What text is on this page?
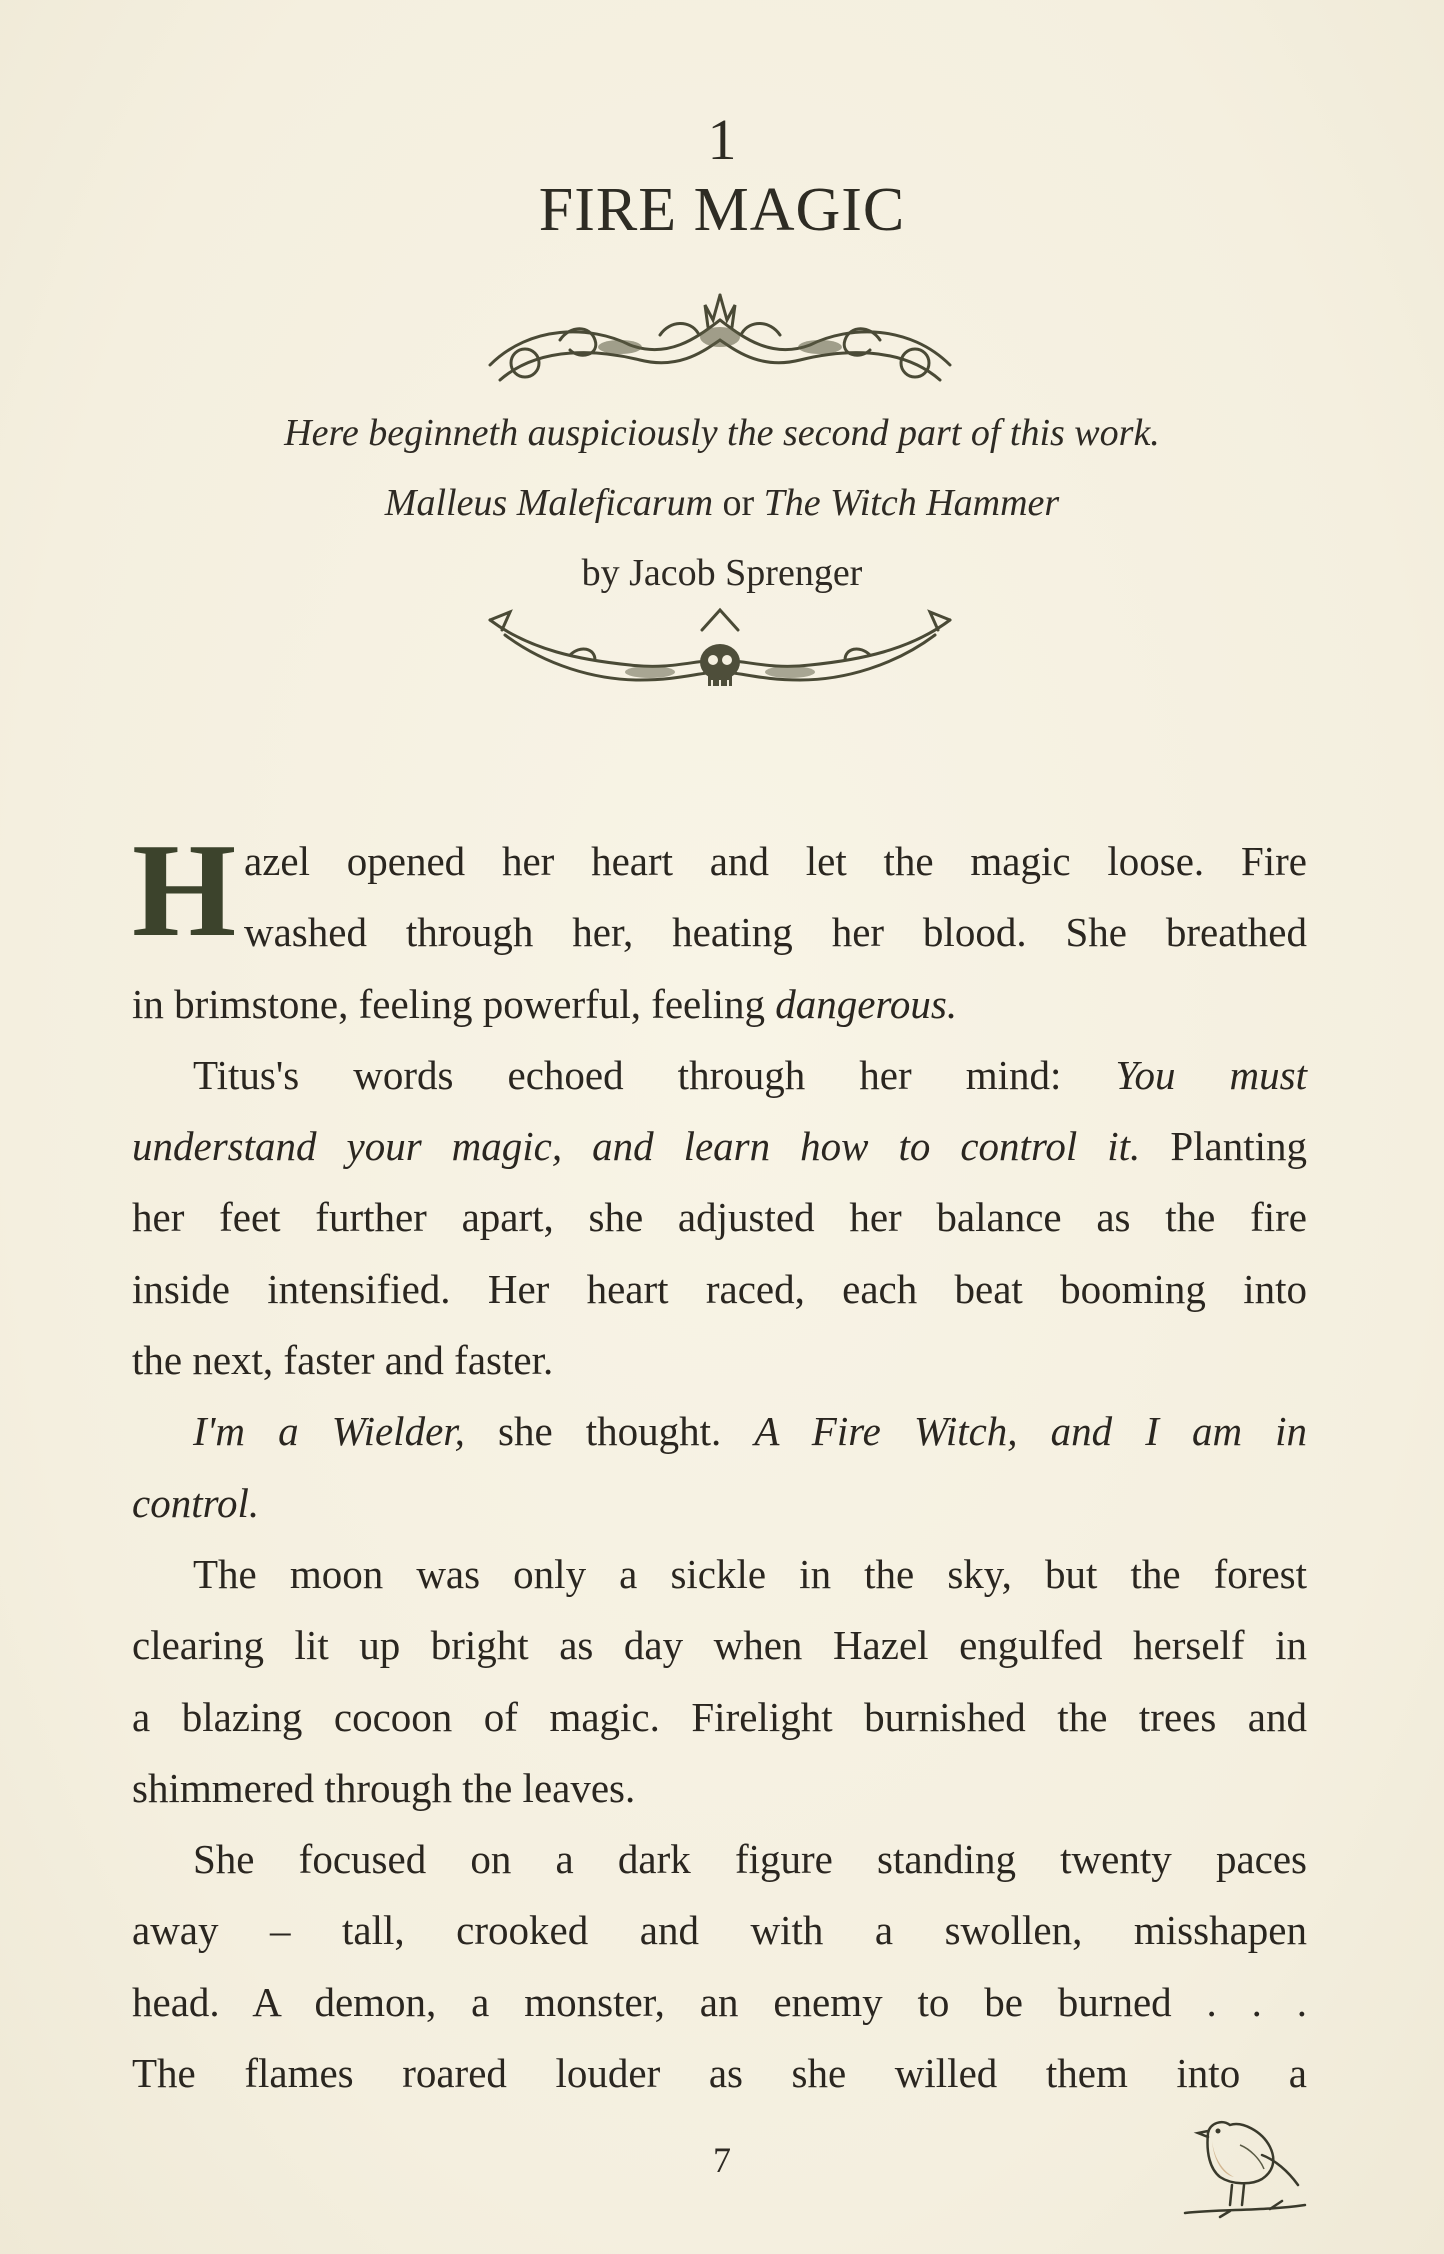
1
FIRE MAGIC
Here beginneth auspiciously the second part of this work.
Malleus Maleficarum or The Witch Hammer
by Jacob Sprenger
H azel opened her heart and let the magic loose. Fire
washed through her, heating her blood. She breathed
in brimstone, feeling powerful, feeling
dangerous.
Titus's words echoed through her mind: You must
understand your magic, and learn how to control it. Planting
her feet further apart, she adjusted her balance as the fire
inside intensified. Her heart raced, each beat booming into
the next, faster and faster.
I'm a Wielder, she thought. A Fire Witch, and I am in
control.
The moon was only a sickle in the sky, but the forest
clearing lit up bright as day when Hazel engulfed herself in
a blazing cocoon of magic. Firelight burnished the trees and
shimmered through the leaves.
She focused on a dark figure standing twenty paces
away – tall, crooked and with a swollen, misshapen
head. A demon, a monster, an enemy to be burned . . .
The flames roared louder as she willed them into a
7
